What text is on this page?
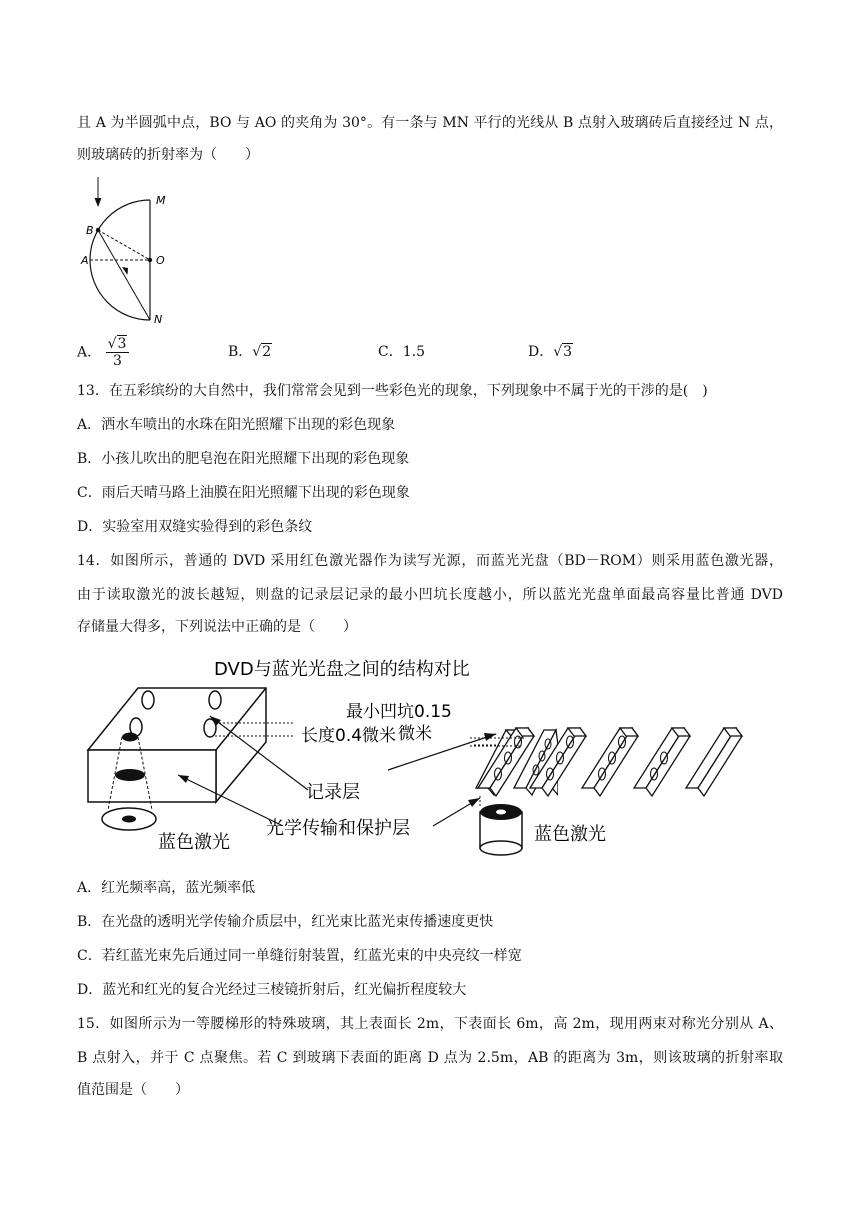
且 A 为半圆弧中点，BO 与 AO 的夹角为 30°。有一条与 MN 平行的光线从 B 点射入玻璃砖后直接经过 N 点，
则玻璃砖的折射率为（　　）
M
B
A	O
N
A． $\frac{√3}{3}$	B．√2	C．1.5	D．√3
13．在五彩缤纷的大自然中，我们常常会见到一些彩色光的现象，下列现象中不属于光的干涉的是(　)
A．洒水车喷出的水珠在阳光照耀下出现的彩色现象
B．小孩儿吹出的肥皂泡在阳光照耀下出现的彩色现象
C．雨后天晴马路上油膜在阳光照耀下出现的彩色现象
D．实验室用双缝实验得到的彩色条纹
14．如图所示，普通的 DVD 采用红色激光器作为读写光源，而蓝光光盘（BD－ROM）则采用蓝色激光器，
由于读取激光的波长越短，则盘的记录层记录的最小凹坑长度越小，所以蓝光光盘单面最高容量比普通 DVD
存储量大得多，下列说法中正确的是（　　）
DVD与蓝光光盘之间的结构对比
长度0.4微米
最小凹坑0.15
微米
记录层
光学传输和保护层
蓝色激光	蓝色激光
A．红光频率高，蓝光频率低
B．在光盘的透明光学传输介质层中，红光束比蓝光束传播速度更快
C．若红蓝光束先后通过同一单缝衍射装置，红蓝光束的中央亮纹一样宽
D．蓝光和红光的复合光经过三棱镜折射后，红光偏折程度较大
15．如图所示为一等腰梯形的特殊玻璃，其上表面长 2m，下表面长 6m，高 2m，现用两束对称光分别从 A、
B 点射入，并于 C 点聚焦。若 C 到玻璃下表面的距离 D 点为 2.5m，AB 的距离为 3m，则该玻璃的折射率取
值范围是（　　）
